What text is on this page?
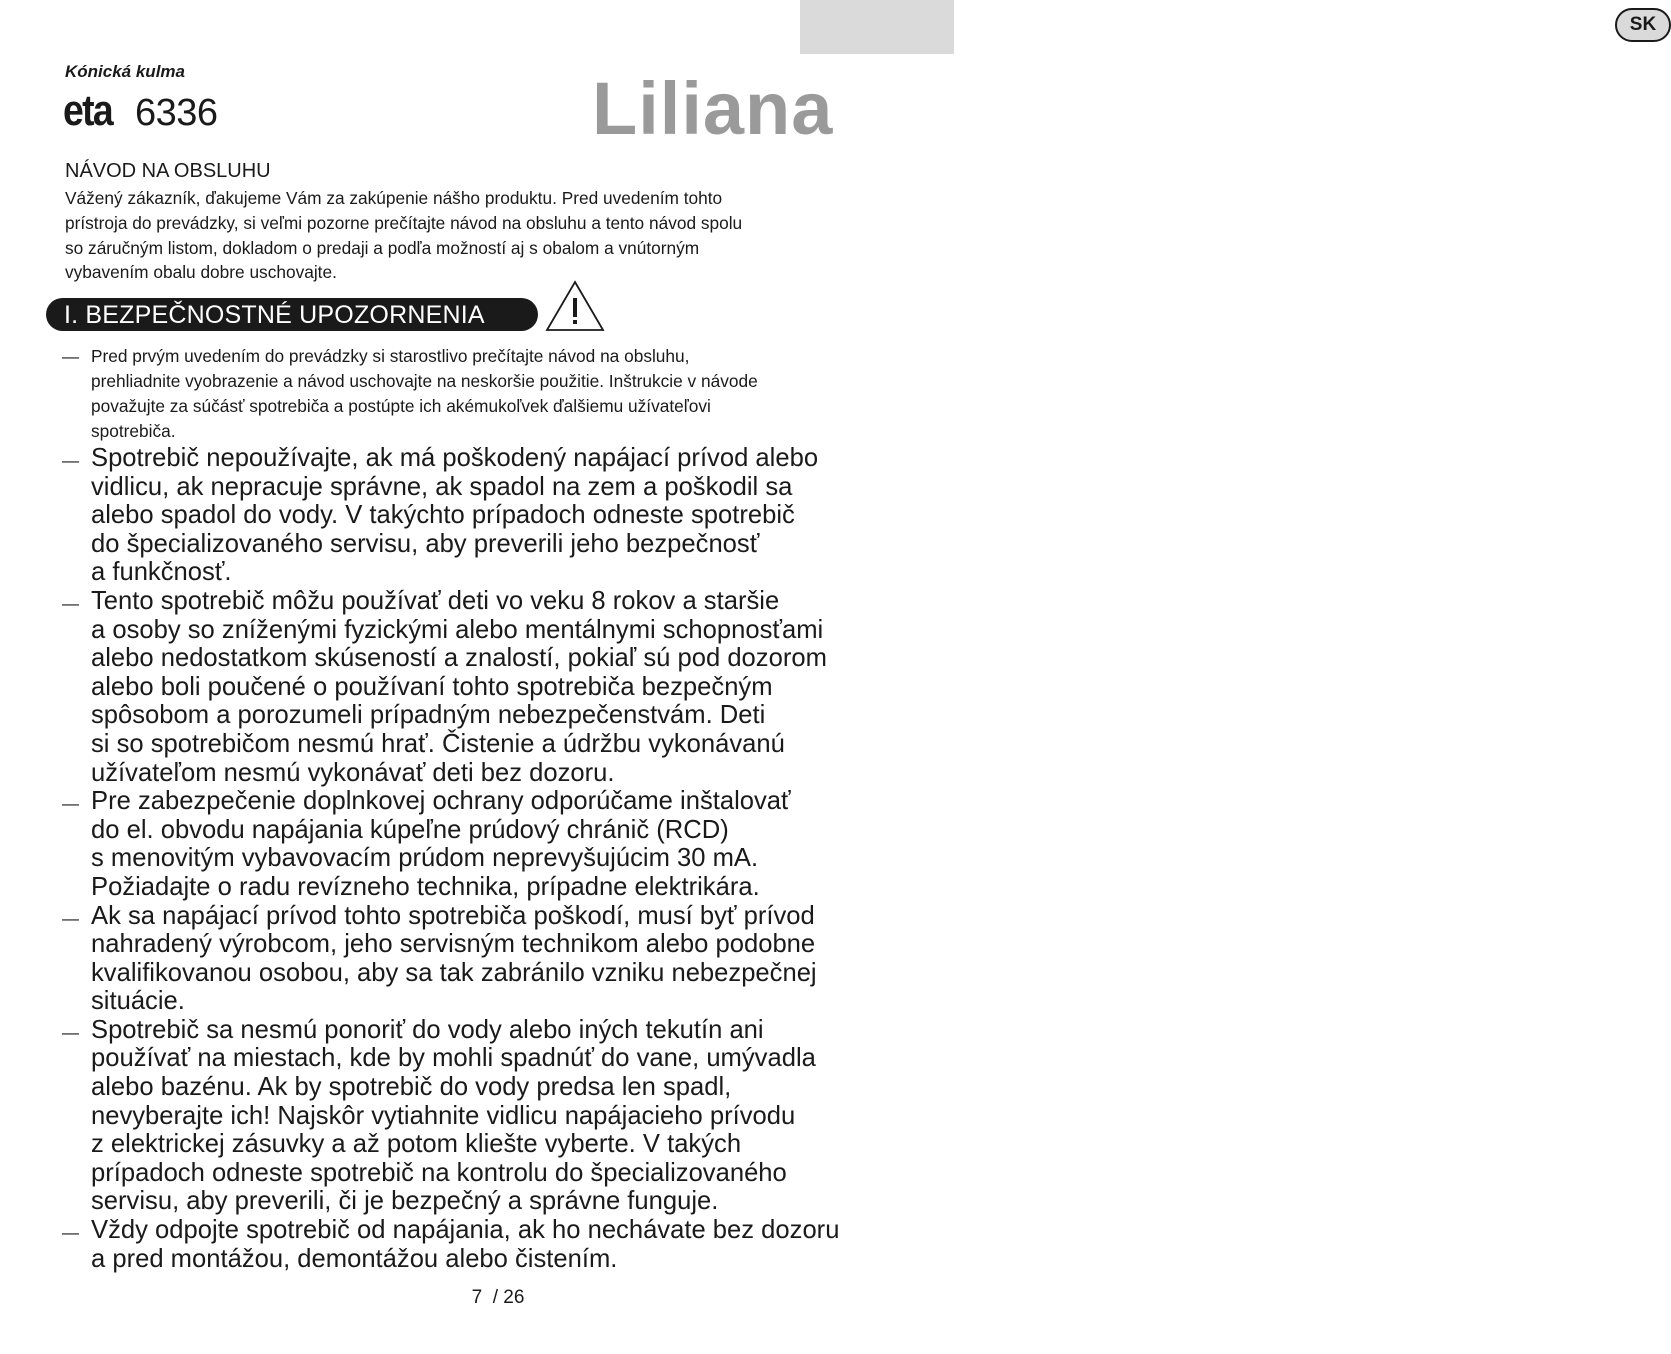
SK
Kónická kulma
eta 6336	Liliana
NÁVOD NA OBSLUHU
Vážený zákazník, ďakujeme Vám za zakúpenie nášho produktu. Pred uvedením tohto
prístroja do prevádzky, si veľmi pozorne prečítajte návod na obsluhu a tento návod spolu
so záručným listom, dokladom o predaji a podľa možností aj s obalom a vnútorným
vybavením obalu dobre uschovajte.
I. BEZPEČNOSTNÉ UPOZORNENIA
— Pred prvým uvedením do prevádzky si starostlivo prečítajte návod na obsluhu,
prehliadnite vyobrazenie a návod uschovajte na neskoršie použitie. Inštrukcie v návode
považujte za súčásť spotrebiča a postúpte ich akémukoľvek ďalšiemu užívateľovi
spotrebiča.
— Spotrebič nepoužívajte, ak má poškodený napájací prívod alebo
vidlicu, ak nepracuje správne, ak spadol na zem a poškodil sa
alebo spadol do vody. V takýchto prípadoch odneste spotrebič
do špecializovaného servisu, aby preverili jeho bezpečnosť
a funkčnosť.
— Tento spotrebič môžu používať deti vo veku 8 rokov a staršie
a osoby so zníženými fyzickými alebo mentálnymi schopnosťami
alebo nedostatkom skúseností a znalostí, pokiaľ sú pod dozorom
alebo boli poučené o používaní tohto spotrebiča bezpečným
spôsobom a porozumeli prípadným nebezpečenstvám. Deti
si so spotrebičom nesmú hrať. Čistenie a údržbu vykonávanú
užívateľom nesmú vykonávať deti bez dozoru.
— Pre zabezpečenie doplnkovej ochrany odporúčame inštalovať
do el. obvodu napájania kúpeľne prúdový chránič (RCD)
s menovitým vybavovacím prúdom neprevyšujúcim 30 mA.
Požiadajte o radu revízneho technika, prípadne elektrikára.
— Ak sa napájací prívod tohto spotrebiča poškodí, musí byť prívod
nahradený výrobcom, jeho servisným technikom alebo podobne
kvalifikovanou osobou, aby sa tak zabránilo vzniku nebezpečnej
situácie.
— Spotrebič sa nesmú ponoriť do vody alebo iných tekutín ani
používať na miestach, kde by mohli spadnúť do vane, umývadla
alebo bazénu. Ak by spotrebič do vody predsa len spadl,
nevyberajte ich! Najskôr vytiahnite vidlicu napájacieho prívodu
z elektrickej zásuvky a až potom kliešte vyberte. V takých
prípadoch odneste spotrebič na kontrolu do špecializovaného
servisu, aby preverili, či je bezpečný a správne funguje.
— Vždy odpojte spotrebič od napájania, ak ho nechávate bez dozoru
a pred montážou, demontážou alebo čistením.
7 / 26
